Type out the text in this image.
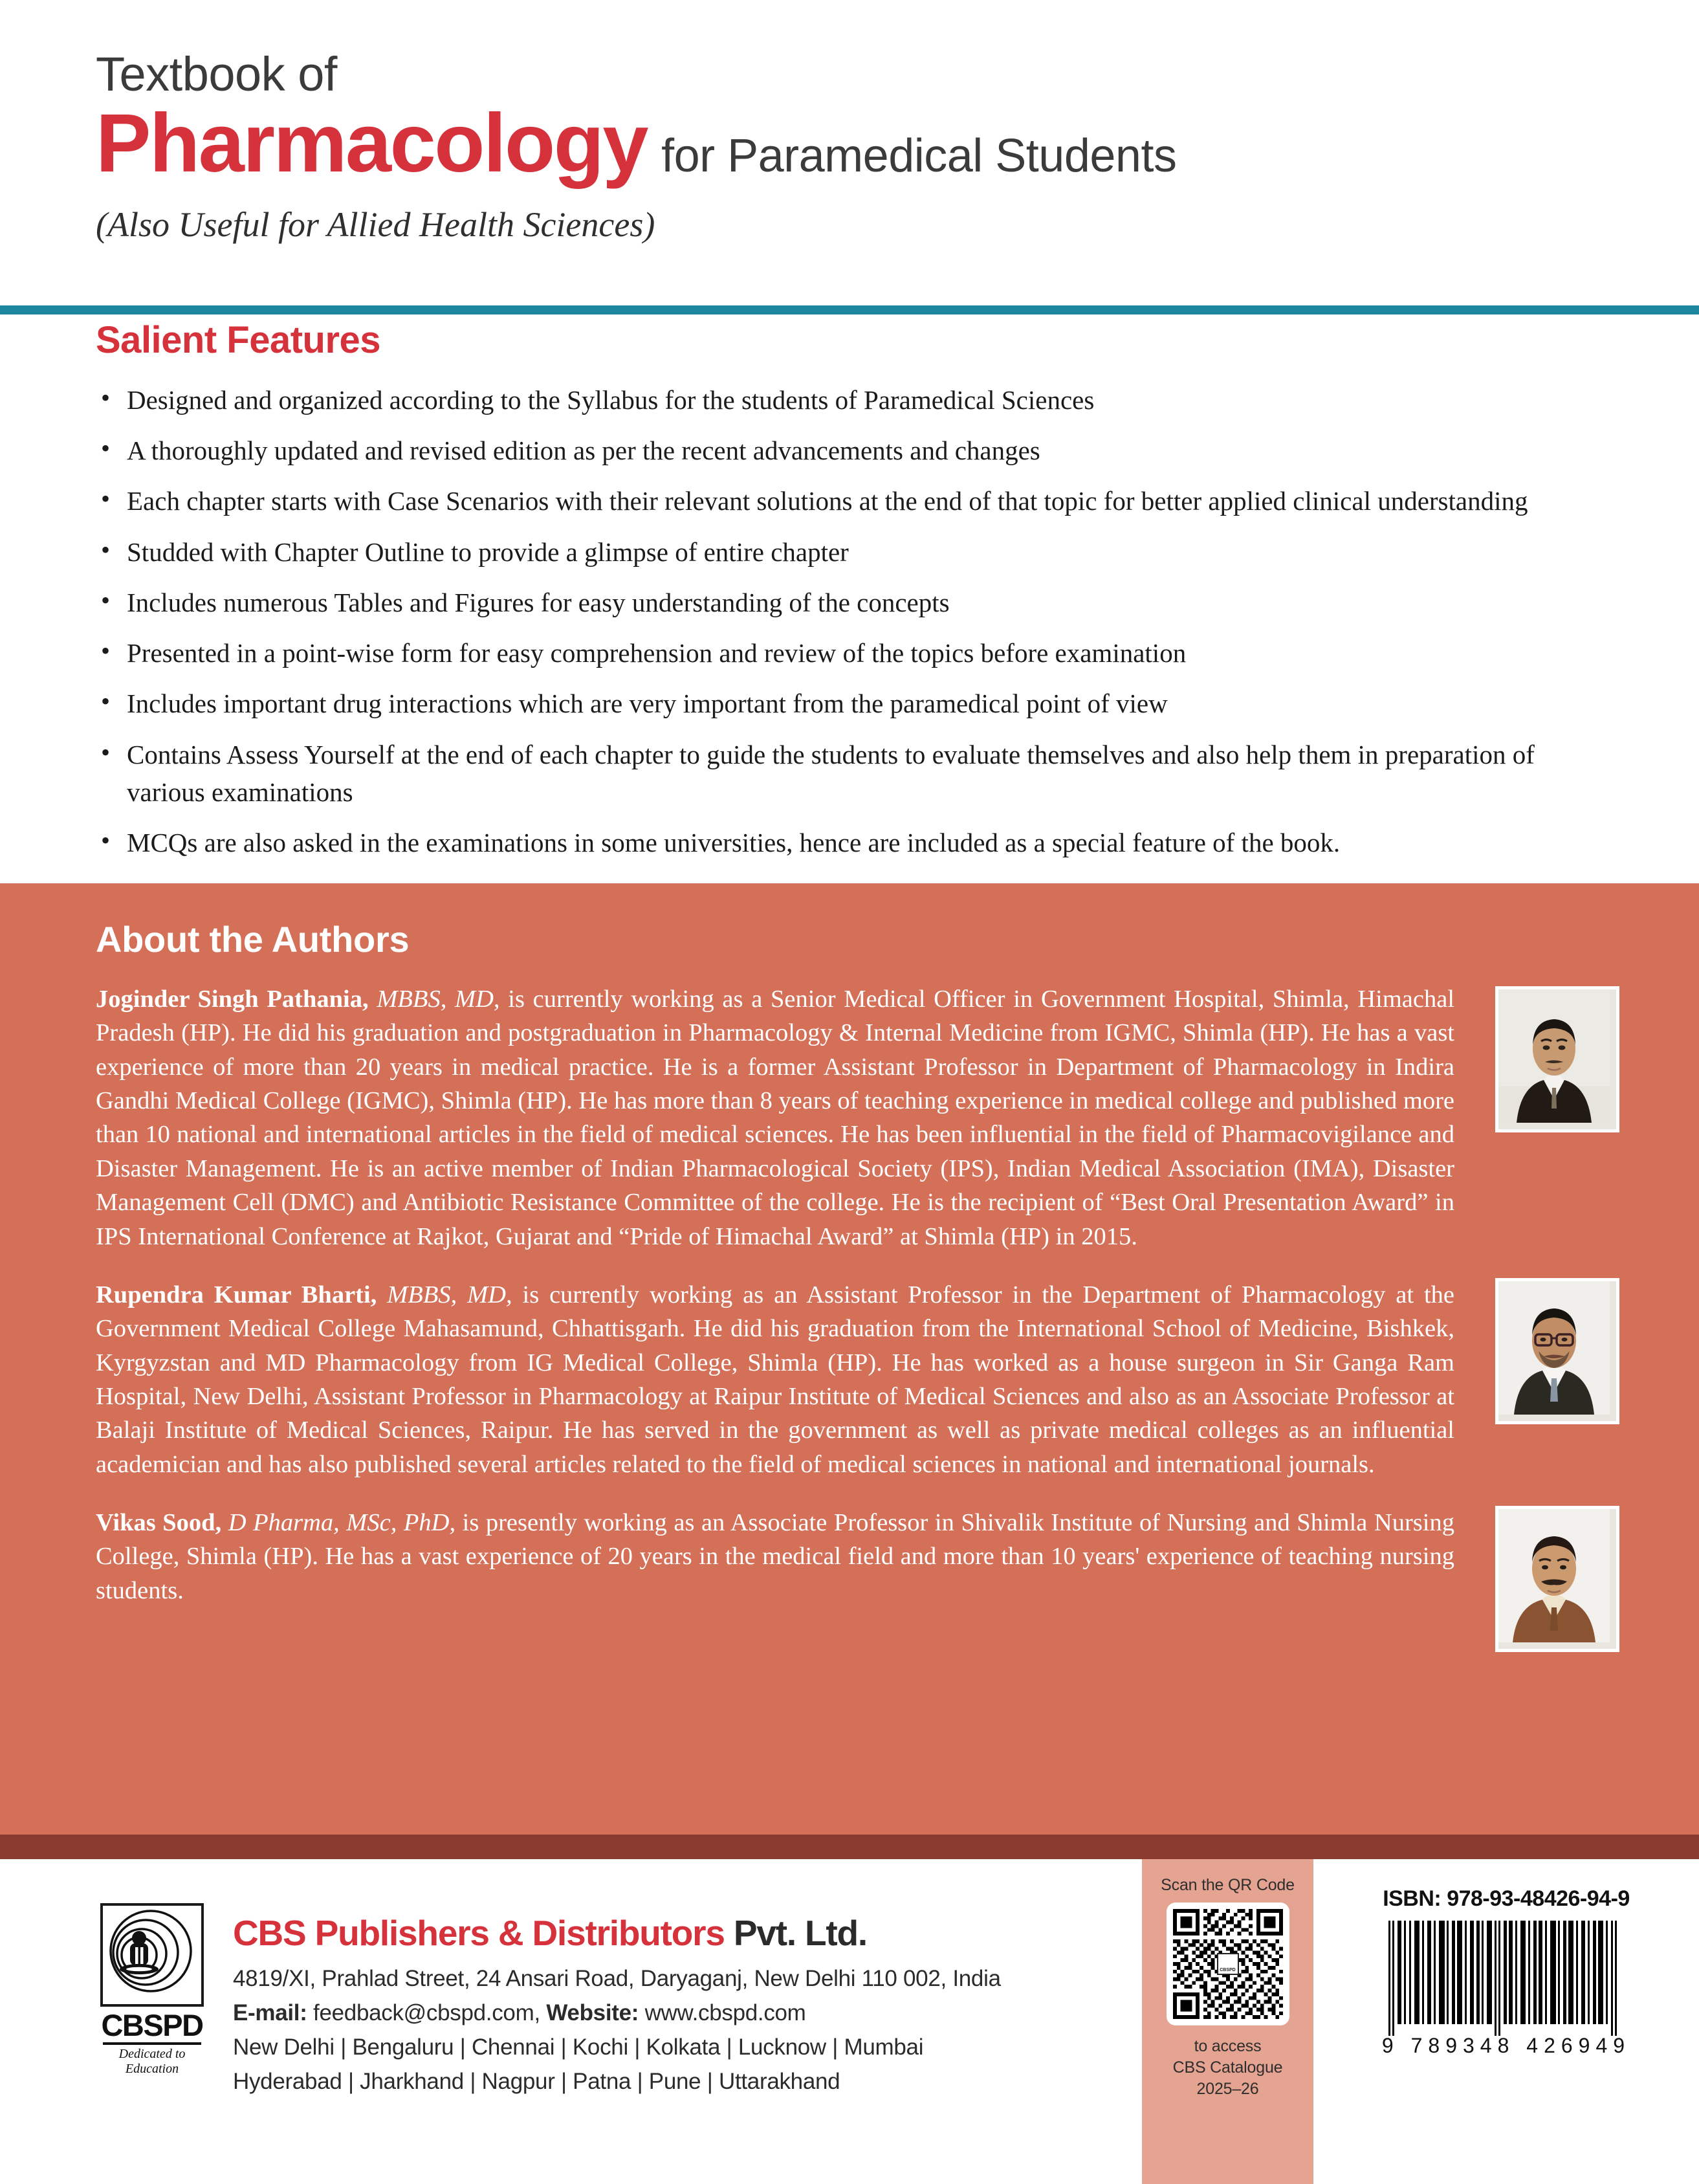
Textbook of
Pharmacology for Paramedical Students
(Also Useful for Allied Health Sciences)
Salient Features
• Designed and organized according to the Syllabus for the students of Paramedical Sciences
• A thoroughly updated and revised edition as per the recent advancements and changes
• Each chapter starts with Case Scenarios with their relevant solutions at the end of that topic for better applied clinical understanding
• Studded with Chapter Outline to provide a glimpse of entire chapter
• Includes numerous Tables and Figures for easy understanding of the concepts
• Presented in a point-wise form for easy comprehension and review of the topics before examination
• Includes important drug interactions which are very important from the paramedical point of view
• Contains Assess Yourself at the end of each chapter to guide the students to evaluate themselves and also help them in preparation of various examinations
• MCQs are also asked in the examinations in some universities, hence are included as a special feature of the book.
About the Authors

Joginder Singh Pathania, MBBS, MD, is currently working as a Senior Medical Officer in Government Hospital, Shimla, Himachal Pradesh (HP). He did his graduation and postgraduation in Pharmacology & Internal Medicine from IGMC, Shimla (HP). He has a vast experience of more than 20 years in medical practice. He is a former Assistant Professor in Department of Pharmacology in Indira Gandhi Medical College (IGMC), Shimla (HP). He has more than 8 years of teaching experience in medical college and published more than 10 national and international articles in the field of medical sciences. He has been influential in the field of Pharmacovigilance and Disaster Management. He is an active member of Indian Pharmacological Society (IPS), Indian Medical Association (IMA), Disaster Management Cell (DMC) and Antibiotic Resistance Committee of the college. He is the recipient of “Best Oral Presentation Award” in IPS International Conference at Rajkot, Gujarat and “Pride of Himachal Award” at Shimla (HP) in 2015.

Rupendra Kumar Bharti, MBBS, MD, is currently working as an Assistant Professor in the Department of Pharmacology at the Government Medical College Mahasamund, Chhattisgarh. He did his graduation from the International School of Medicine, Bishkek, Kyrgyzstan and MD Pharmacology from IG Medical College, Shimla (HP). He has worked as a house surgeon in Sir Ganga Ram Hospital, New Delhi, Assistant Professor in Pharmacology at Raipur Institute of Medical Sciences and also as an Associate Professor at Balaji Institute of Medical Sciences, Raipur. He has served in the government as well as private medical colleges as an influential academician and has also published several articles related to the field of medical sciences in national and international journals.

Vikas Sood, D Pharma, MSc, PhD, is presently working as an Associate Professor in Shivalik Institute of Nursing and Shimla Nursing College, Shimla (HP). He has a vast experience of 20 years in the medical field and more than 10 years' experience of teaching nursing students.

CBSPD
Dedicated to Education
CBS Publishers & Distributors Pvt. Ltd.
4819/XI, Prahlad Street, 24 Ansari Road, Daryaganj, New Delhi 110 002, India
E-mail: feedback@cbspd.com, Website: www.cbspd.com
New Delhi | Bengaluru | Chennai | Kochi | Kolkata | Lucknow | Mumbai
Hyderabad | Jharkhand | Nagpur | Patna | Pune | Uttarakhand
Scan the QR Code
CBSPD
to access
CBS Catalogue
2025–26
ISBN: 978-93-48426-94-9
9 789348 426949
